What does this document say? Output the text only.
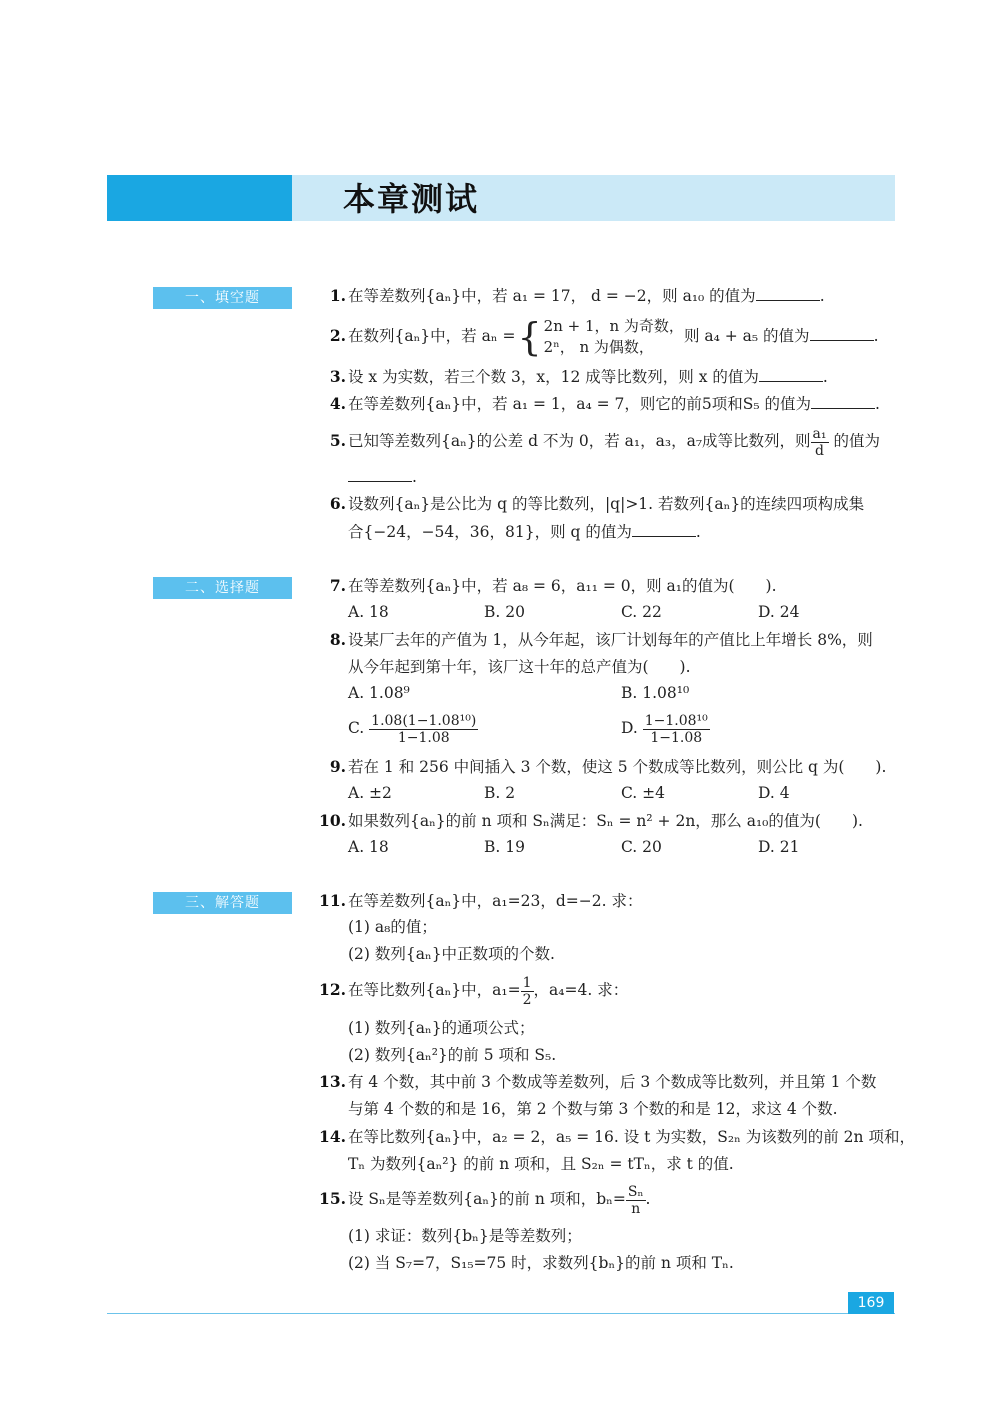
本章测试
一、填空题	1. 在等差数列{aₙ}中，若 a₁ = 17， d = −2，则 a₁₀ 的值为	.
2. 在数列{aₙ}中，若 aₙ ={ 2n + 1，n 为奇数，
2ⁿ， n 为偶数，
则 a₄ + a₅ 的值为	.
3. 设 x 为实数，若三个数 3，x，12 成等比数列，则 x 的值为	.
4. 在等差数列{aₙ}中，若 a₁ = 1，a₄ = 7，则它的前5项和S₅ 的值为	.
5. 已知等差数列{aₙ}的公差 d 不为 0，若 a₁，a₃，a₇成等比数列，则 $\frac{\text{a₁}}{d}$ 的值为
.
6. 设数列{aₙ}是公比为 q 的等比数列，|q|>1. 若数列{aₙ}的连续四项构成集
合{−24，−54，36，81}，则 q 的值为	.
二、选择题	7. 在等差数列{aₙ}中，若 a₈ = 6，a₁₁ = 0，则 a₁的值为(　　).
A. 18	B. 20	C. 22	D. 24
8. 设某厂去年的产值为 1，从今年起，该厂计划每年的产值比上年增长 8%，则
从今年起到第十年，该厂这十年的总产值为(　　).
A. 1.08⁹	B. 1.08¹⁰
C. $\frac{\text{1.08(1−1.08¹⁰)}}{1-1.08}$	D. $\frac{\text{1−1.08¹⁰}}{1-1.08}$
9. 若在 1 和 256 中间插入 3 个数，使这 5 个数成等比数列，则公比 q 为(　　).
A. ±2	B. 2	C. ±4	D. 4
10. 如果数列{aₙ}的前 n 项和 Sₙ满足：Sₙ = n² + 2n，那么 a₁₀的值为(　　).
A. 18	B. 19	C. 20	D. 21
三、解答题	11. 在等差数列{aₙ}中，a₁=23，d=−2. 求：
(1) a₈的值；
(2) 数列{aₙ}中正数项的个数.
12. 在等比数列{aₙ}中，$a_1= \frac{1}{2}$ ，a₄=4. 求：
(1) 数列{aₙ}的通项公式；
(2) 数列{aₙ²}的前 5 项和 S₅.
13. 有 4 个数，其中前 3 个数成等差数列，后 3 个数成等比数列，并且第 1 个数
与第 4 个数的和是 16，第 2 个数与第 3 个数的和是 12，求这 4 个数.
14. 在等比数列{aₙ}中，a₂ = 2，a₅ = 16. 设 t 为实数，S₂ₙ 为该数列的前 2n 项和，
Tₙ 为数列{aₙ²} 的前 n 项和，且 S₂ₙ = tTₙ，求 t 的值.
15. 设 Sₙ是等差数列{aₙ}的前 n 项和，$b_n= \frac{\text{Sₙ}}{n}$ .
(1) 求证：数列{bₙ}是等差数列；
(2) 当 S₇=7，S₁₅=75 时，求数列{bₙ}的前 n 项和 Tₙ.
169
